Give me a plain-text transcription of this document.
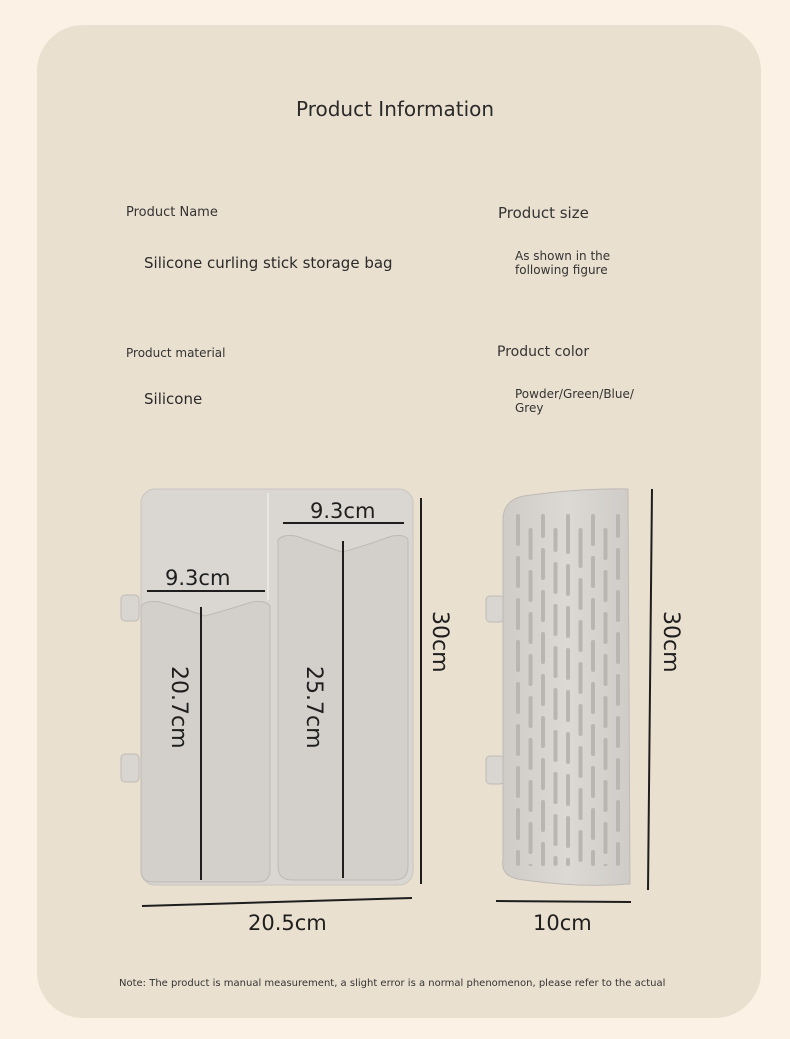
Product Information
Product Name
Silicone curling stick storage bag
Product size
As shown in the
following figure
Product material
Silicone
Product color
Powder/Green/Blue/
Grey
9.3cm
9.3cm
20.7cm	25.7cm
30cm
20.5cm
30cm
10cm
Note: The product is manual measurement, a slight error is a normal phenomenon, please refer to the actual
